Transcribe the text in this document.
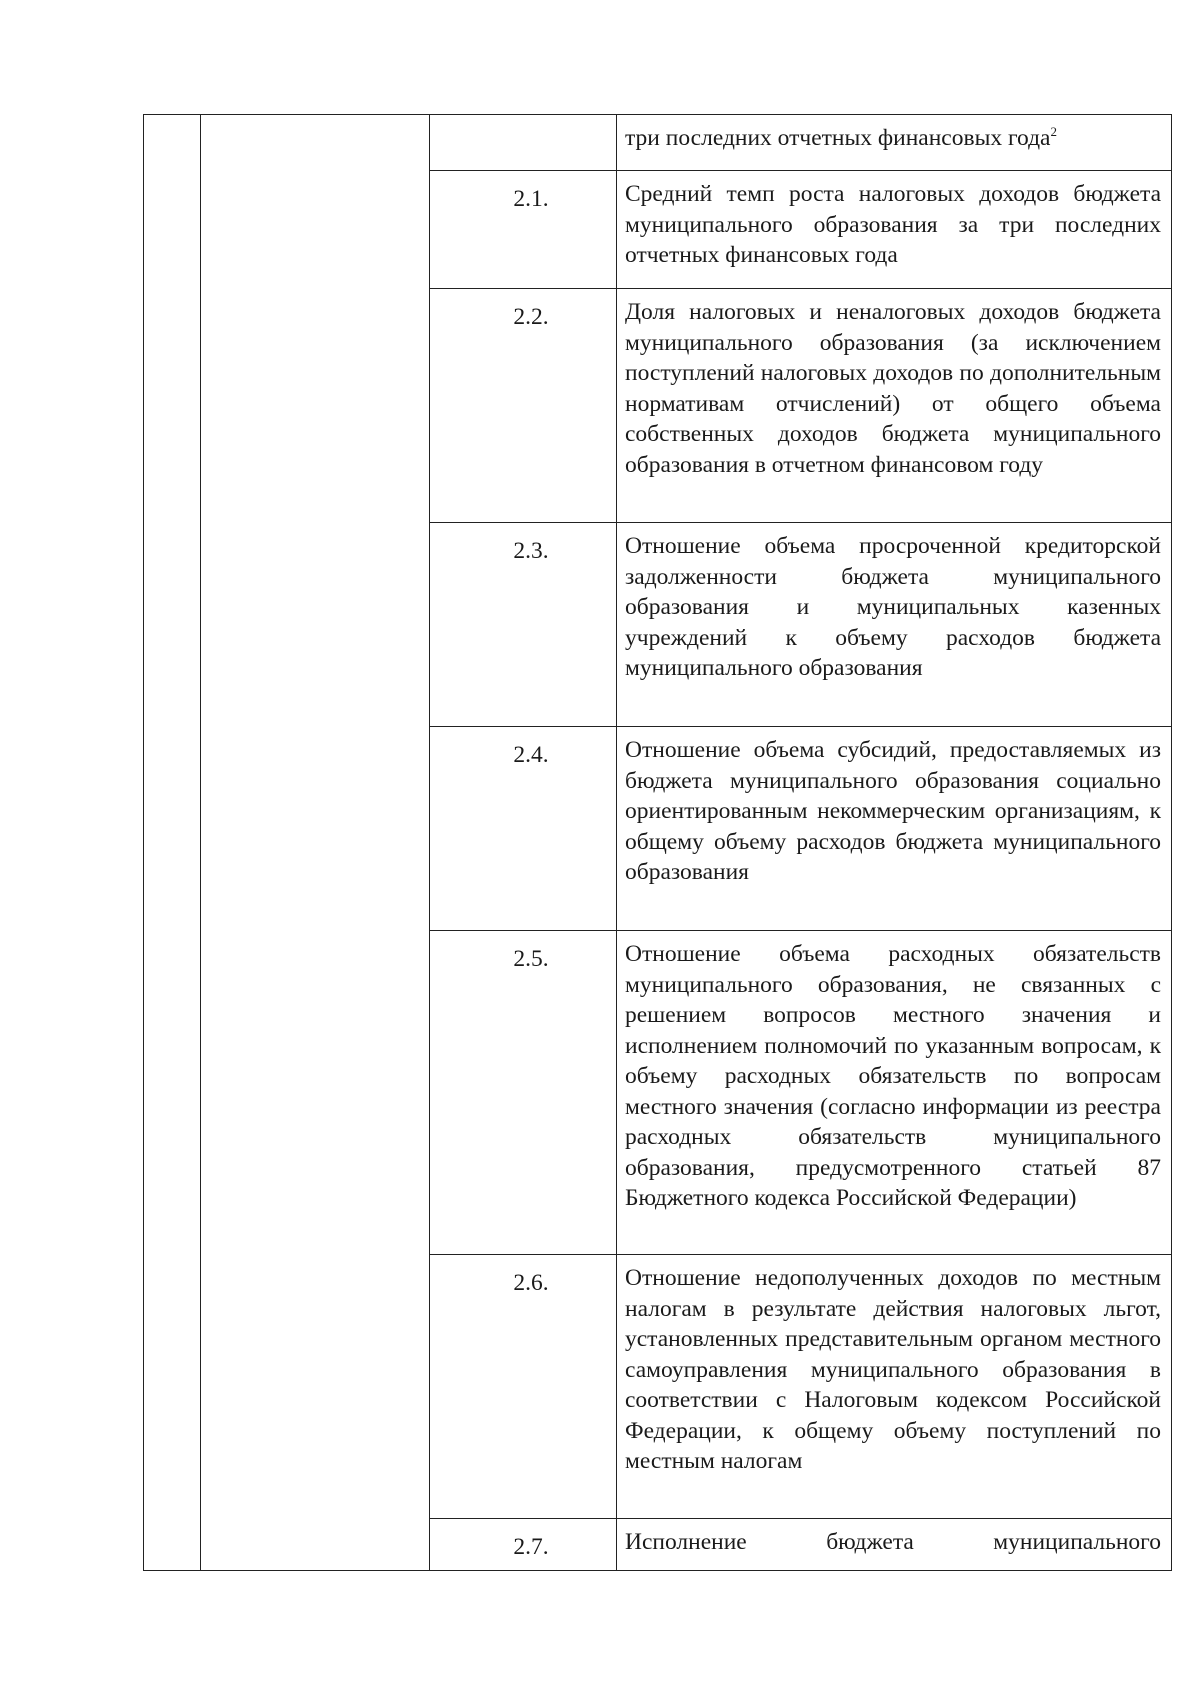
			три последних отчетных финансовых года$^2$

		2.1.	Средний темп роста налоговых доходов бюджета муниципального образования за три последних отчетных финансовых года

		2.2.	Доля налоговых и неналоговых доходов бюджета муниципального образования (за исключением поступлений налоговых доходов по дополнительным нормативам отчислений) от общего объема собственных доходов бюджета муниципального образования в отчетном финансовом году

		2.3.	Отношение объема просроченной кредиторской задолженности бюджета муниципального образования и муниципальных казенных учреждений к объему расходов бюджета муниципального образования

		2.4.	Отношение объема субсидий, предоставляемых из бюджета муниципального образования социально ориентированным некоммерческим организациям, к общему объему расходов бюджета муниципального образования

		2.5.	Отношение объема расходных обязательств муниципального образования, не связанных с решением вопросов местного значения и исполнением полномочий по указанным вопросам, к объему расходных обязательств по вопросам местного значения (согласно информации из реестра расходных обязательств муниципального образования, предусмотренного статьей 87 Бюджетного кодекса Российской Федерации)

		2.6.	Отношение недополученных доходов по местным налогам в результате действия налоговых льгот, установленных представительным органом местного самоуправления муниципального образования в соответствии с Налоговым кодексом Российской Федерации, к общему объему поступлений по местным налогам

		2.7.	Исполнение бюджета муниципального
